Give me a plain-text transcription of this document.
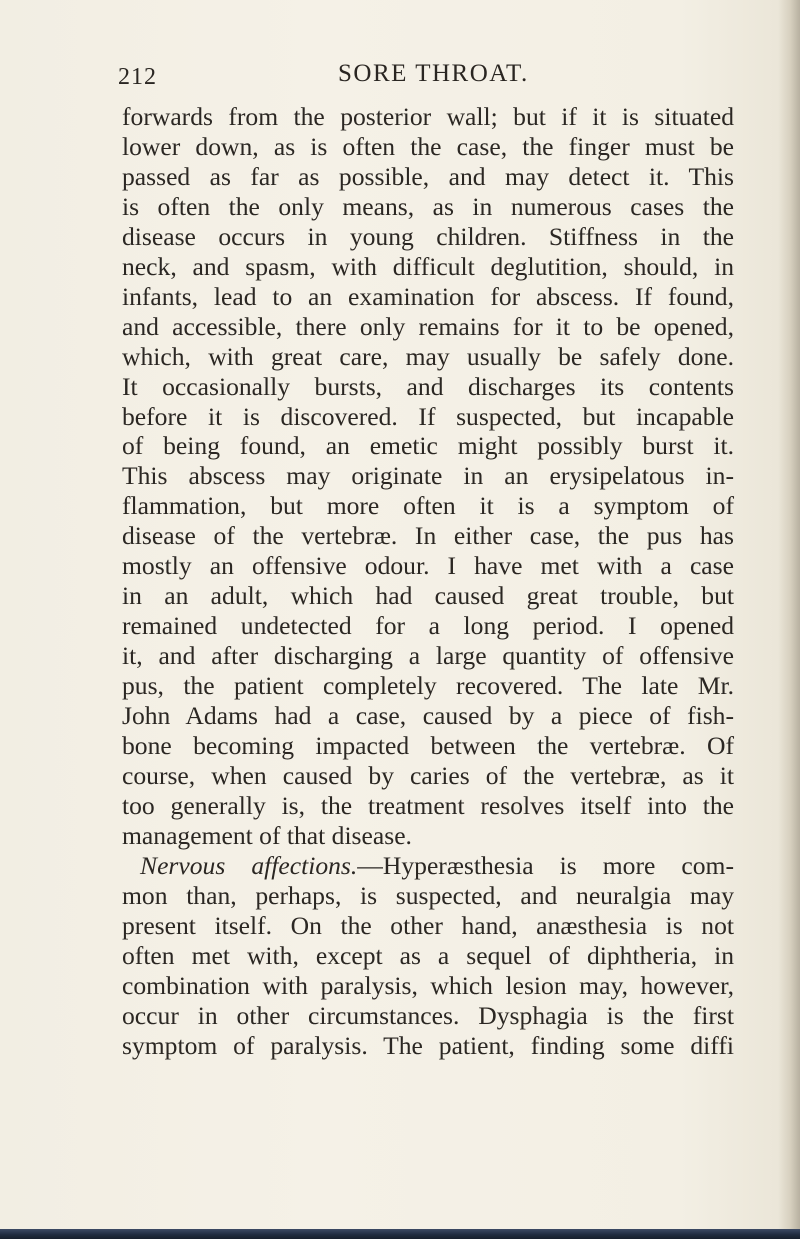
212	SORE THROAT.
forwards from the posterior wall; but if it is situated
lower down, as is often the case, the finger must be
passed as far as possible, and may detect it. This
is often the only means, as in numerous cases the
disease occurs in young children. Stiffness in the
neck, and spasm, with difficult deglutition, should, in
infants, lead to an examination for abscess. If found,
and accessible, there only remains for it to be opened,
which, with great care, may usually be safely done.
It occasionally bursts, and discharges its contents
before it is discovered. If suspected, but incapable
of being found, an emetic might possibly burst it.
This abscess may originate in an erysipelatous in-
flammation, but more often it is a symptom of
disease of the vertebræ. In either case, the pus has
mostly an offensive odour. I have met with a case
in an adult, which had caused great trouble, but
remained undetected for a long period. I opened
it, and after discharging a large quantity of offensive
pus, the patient completely recovered. The late Mr.
John Adams had a case, caused by a piece of fish-
bone becoming impacted between the vertebræ. Of
course, when caused by caries of the vertebræ, as it
too generally is, the treatment resolves itself into the
management of that disease.
Nervous affections.—Hyperæsthesia is more com-
mon than, perhaps, is suspected, and neuralgia may
present itself. On the other hand, anæsthesia is not
often met with, except as a sequel of diphtheria, in
combination with paralysis, which lesion may, however,
occur in other circumstances. Dysphagia is the first
symptom of paralysis. The patient, finding some diffi
